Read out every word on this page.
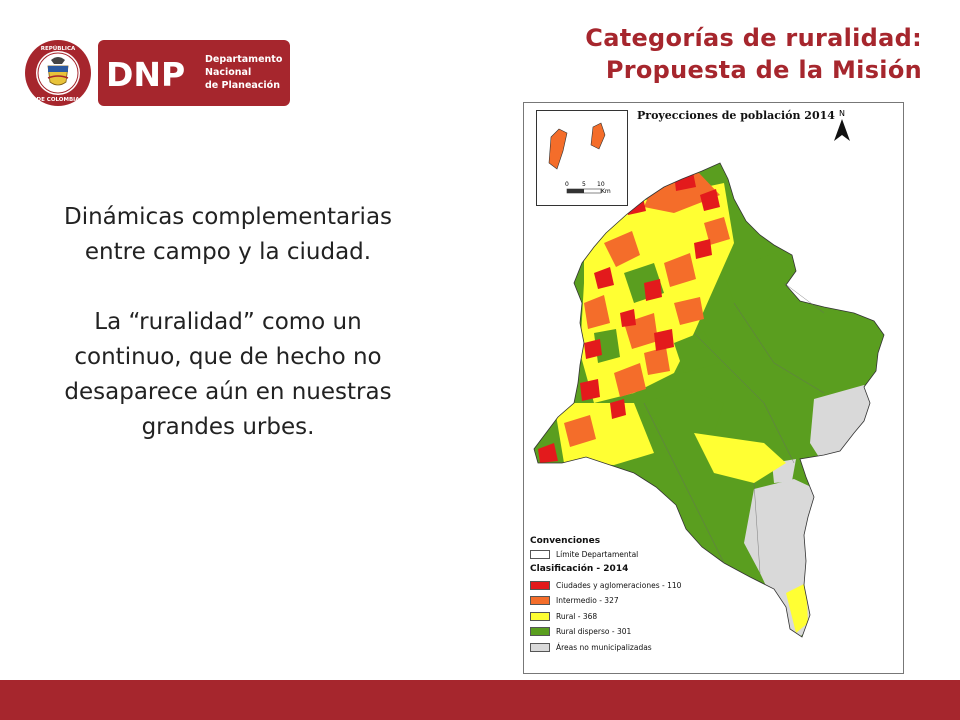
REPÚBLICA
DE COLOMBIA
DNP Departamento
Nacional
de Planeación
Categorías de ruralidad:
Propuesta de la Misión

Dinámicas complementarias entre campo y la ciudad.

La “ruralidad” como un continuo, que de hecho no desaparece aún en nuestras grandes urbes.

0 5 10
Km
Proyecciones de población 2014 N
Convenciones
Límite Departamental
Clasificación - 2014
Ciudades y aglomeraciones - 110
Intermedio - 327
Rural - 368
Rural disperso - 301
Áreas no municipalizadas
